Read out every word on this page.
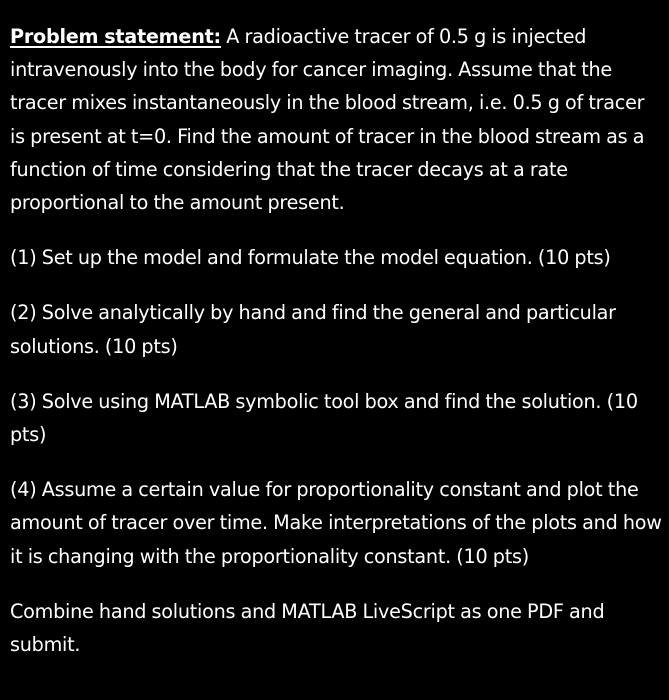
Problem statement: A radioactive tracer of 0.5 g is injected intravenously into the body for cancer imaging. Assume that the tracer mixes instantaneously in the blood stream, i.e. 0.5 g of tracer is present at t=0. Find the amount of tracer in the blood stream as a function of time considering that the tracer decays at a rate proportional to the amount present.

(1) Set up the model and formulate the model equation. (10 pts)

(2) Solve analytically by hand and find the general and particular solutions. (10 pts)

(3) Solve using MATLAB symbolic tool box and find the solution. (10 pts)

(4) Assume a certain value for proportionality constant and plot the amount of tracer over time. Make interpretations of the plots and how it is changing with the proportionality constant. (10 pts)

Combine hand solutions and MATLAB LiveScript as one PDF and submit.
